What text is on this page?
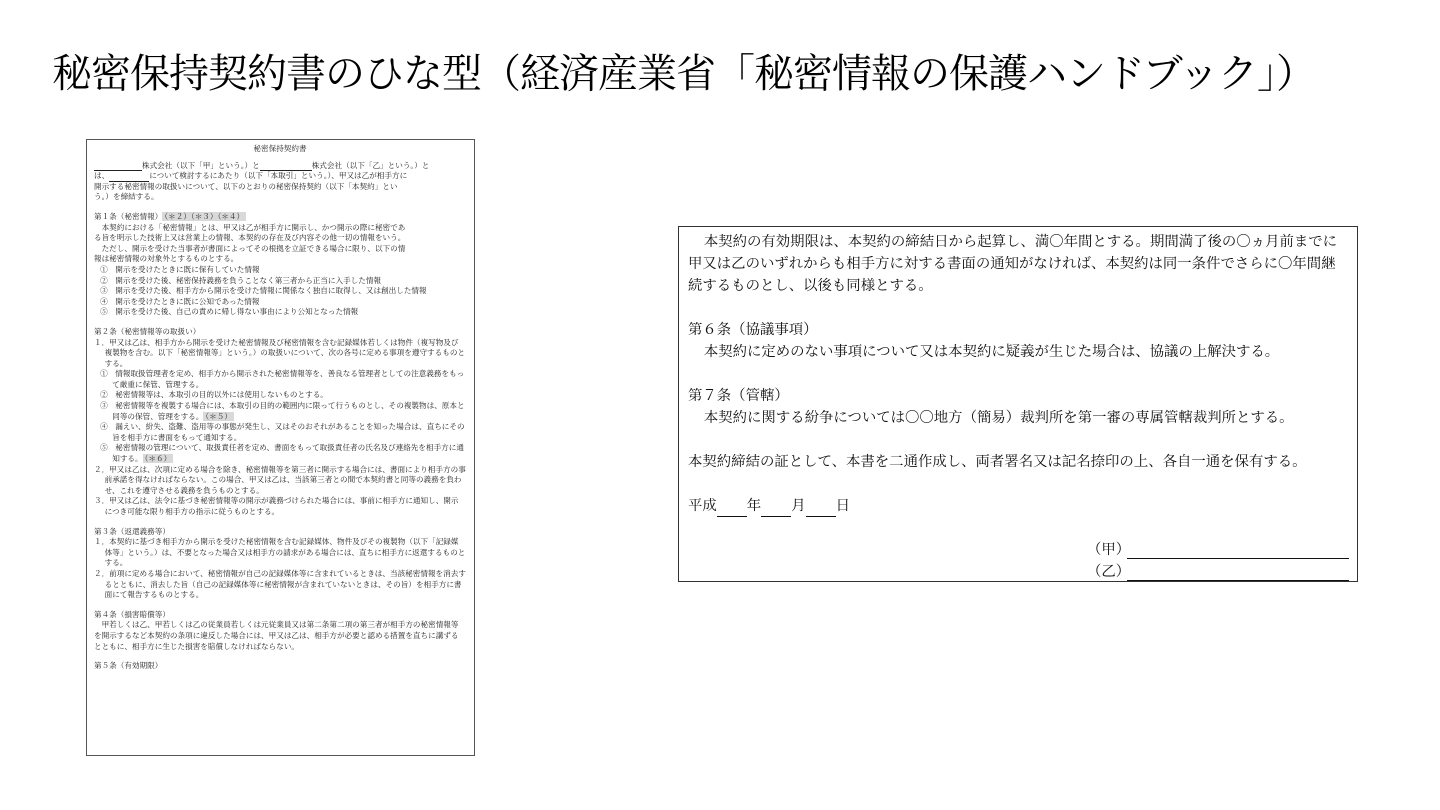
秘密保持契約書のひな型（経済産業省「秘密情報の保護ハンドブック」）

秘密保持契約書

株式会社（以下「甲」という。）と	株式会社（以下「乙」という。）と

は、	について検討するにあたり（以下「本取引」という。）、甲又は乙が相手方に

開示する秘密情報の取扱いについて、以下のとおりの秘密保持契約（以下「本契約」とい

う。）を締結する。

第１条（秘密情報） （＊２）（＊３）（＊４）

本契約における「秘密情報」とは、甲又は乙が相手方に開示し、かつ開示の際に秘密であ

る旨を明示した技術上又は営業上の情報、本契約の存在及び内容その他一切の情報をいう。

ただし、開示を受けた当事者が書面によってその根拠を立証できる場合に限り、以下の情

報は秘密情報の対象外とするものとする。

①　開示を受けたときに既に保有していた情報

②　開示を受けた後、秘密保持義務を負うことなく第三者から正当に入手した情報

③　開示を受けた後、相手方から開示を受けた情報に関係なく独自に取得し、又は創出した情報

④　開示を受けたときに既に公知であった情報

⑤　開示を受けた後、自己の責めに帰し得ない事由により公知となった情報

第２条（秘密情報等の取扱い）

１．甲又は乙は、相手方から開示を受けた秘密情報及び秘密情報を含む記録媒体若しくは物件（複写物及び複製物を含む。以下「秘密情報等」という。）の取扱いについて、次の各号に定める事項を遵守するものとする。

①　情報取扱管理者を定め、相手方から開示された秘密情報等を、善良なる管理者としての注意義務をもって厳重に保管、管理する。

②　秘密情報等は、本取引の目的以外には使用しないものとする。

③　秘密情報等を複製する場合には、本取引の目的の範囲内に限って行うものとし、その複製物は、原本と同等の保管、管理をする。 （＊５）

④　漏えい、紛失、盗難、盗用等の事態が発生し、又はそのおそれがあることを知った場合は、直ちにその旨を相手方に書面をもって通知する。

⑤　秘密情報の管理について、取扱責任者を定め、書面をもって取扱責任者の氏名及び連絡先を相手方に通知する。 （＊６）

２．甲又は乙は、次項に定める場合を除き、秘密情報等を第三者に開示する場合には、書面により相手方の事前承諾を得なければならない。この場合、甲又は乙は、当該第三者との間で本契約書と同等の義務を負わせ、これを遵守させる義務を負うものとする。

３．甲又は乙は、法令に基づき秘密情報等の開示が義務づけられた場合には、事前に相手方に通知し、開示につき可能な限り相手方の指示に従うものとする。

第３条（返還義務等）

１．本契約に基づき相手方から開示を受けた秘密情報を含む記録媒体、物件及びその複製物（以下「記録媒体等」という。）は、不要となった場合又は相手方の請求がある場合には、直ちに相手方に返還するものとする。

２．前項に定める場合において、秘密情報が自己の記録媒体等に含まれているときは、当該秘密情報を消去するとともに、消去した旨（自己の記録媒体等に秘密情報が含まれていないときは、その旨）を相手方に書面にて報告するものとする。

第４条（損害賠償等）

甲若しくは乙、甲若しくは乙の従業員若しくは元従業員又は第二条第二項の第三者が相手方の秘密情報等を開示するなど本契約の条項に違反した場合には、甲又は乙は、相手方が必要と認める措置を直ちに講ずるとともに、相手方に生じた損害を賠償しなければならない。

第５条（有効期限）

本契約の有効期限は、本契約の締結日から起算し、満〇年間とする。期間満了後の〇ヵ月前までに甲又は乙のいずれからも相手方に対する書面の通知がなければ、本契約は同一条件でさらに〇年間継続するものとし、以後も同様とする。

第６条（協議事項）

本契約に定めのない事項について又は本契約に疑義が生じた場合は、協議の上解決する。

第７条（管轄）

本契約に関する紛争については〇〇地方（簡易）裁判所を第一審の専属管轄裁判所とする。

本契約締結の証として、本書を二通作成し、両者署名又は記名捺印の上、各自一通を保有する。

平成 年 月 日

（甲）
（乙）
